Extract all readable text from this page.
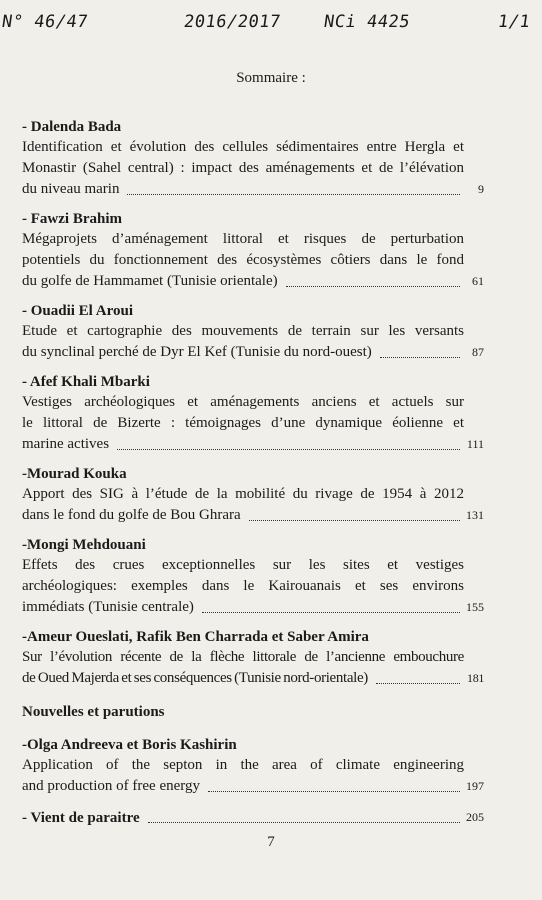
N° 46/47	2016/2017 NCi 4425	1/1
Sommaire :
- Dalenda Bada
Identification et évolution des cellules sédimentaires entre Hergla et
Monastir (Sahel central) : impact des aménagements et de l’élévation
du niveau marin	9
- Fawzi Brahim
Mégaprojets d’aménagement littoral et risques de perturbation
potentiels du fonctionnement des écosystèmes côtiers dans le fond
du golfe de Hammamet (Tunisie orientale)	61
- Ouadii El Aroui
Etude et cartographie des mouvements de terrain sur les versants
du synclinal perché de Dyr El Kef (Tunisie du nord-ouest)	87
- Afef Khali Mbarki
Vestiges archéologiques et aménagements anciens et actuels sur
le littoral de Bizerte : témoignages d’une dynamique éolienne et
marine actives	111
-Mourad Kouka
Apport des SIG à l’étude de la mobilité du rivage de 1954 à 2012
dans le fond du golfe de Bou Ghrara	131
-Mongi Mehdouani
Effets des crues exceptionnelles sur les sites et vestiges
archéologiques: exemples dans le Kairouanais et ses environs
immédiats (Tunisie centrale)	155
-Ameur Oueslati, Rafik Ben Charrada et Saber Amira
Sur l’évolution récente de la flèche littorale de l’ancienne embouchure
de Oued Majerda et ses conséquences (Tunisie nord-orientale)	181
Nouvelles et parutions
-Olga Andreeva et Boris Kashirin
Application of the septon in the area of climate engineering
and production of free energy	197
- Vient de paraitre	205
7
